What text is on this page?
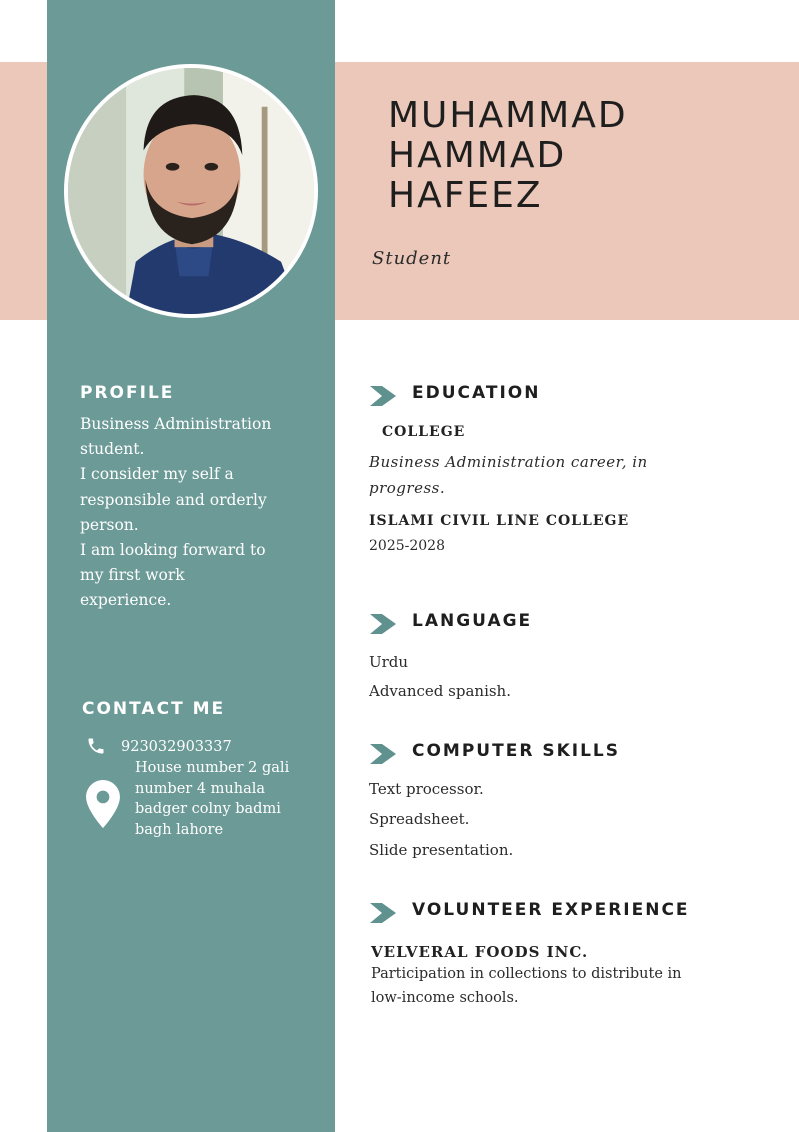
MUHAMMAD
HAMMAD
HAFEEZ
Student
PROFILE
Business Administration
student.
I consider my self a
responsible and orderly
person.
I am looking forward to
my first work
experience.
CONTACT ME
923032903337
House number 2 gali
number 4 muhala
badger colny badmi
bagh lahore
EDUCATION
COLLEGE
Business Administration career, in
progress.
ISLAMI CIVIL LINE COLLEGE
2025-2028
LANGUAGE
Urdu
Advanced spanish.
COMPUTER SKILLS
Text processor.
Spreadsheet.
Slide presentation.
VOLUNTEER EXPERIENCE
VELVERAL FOODS INC.
Participation in collections to distribute in
low-income schools.
